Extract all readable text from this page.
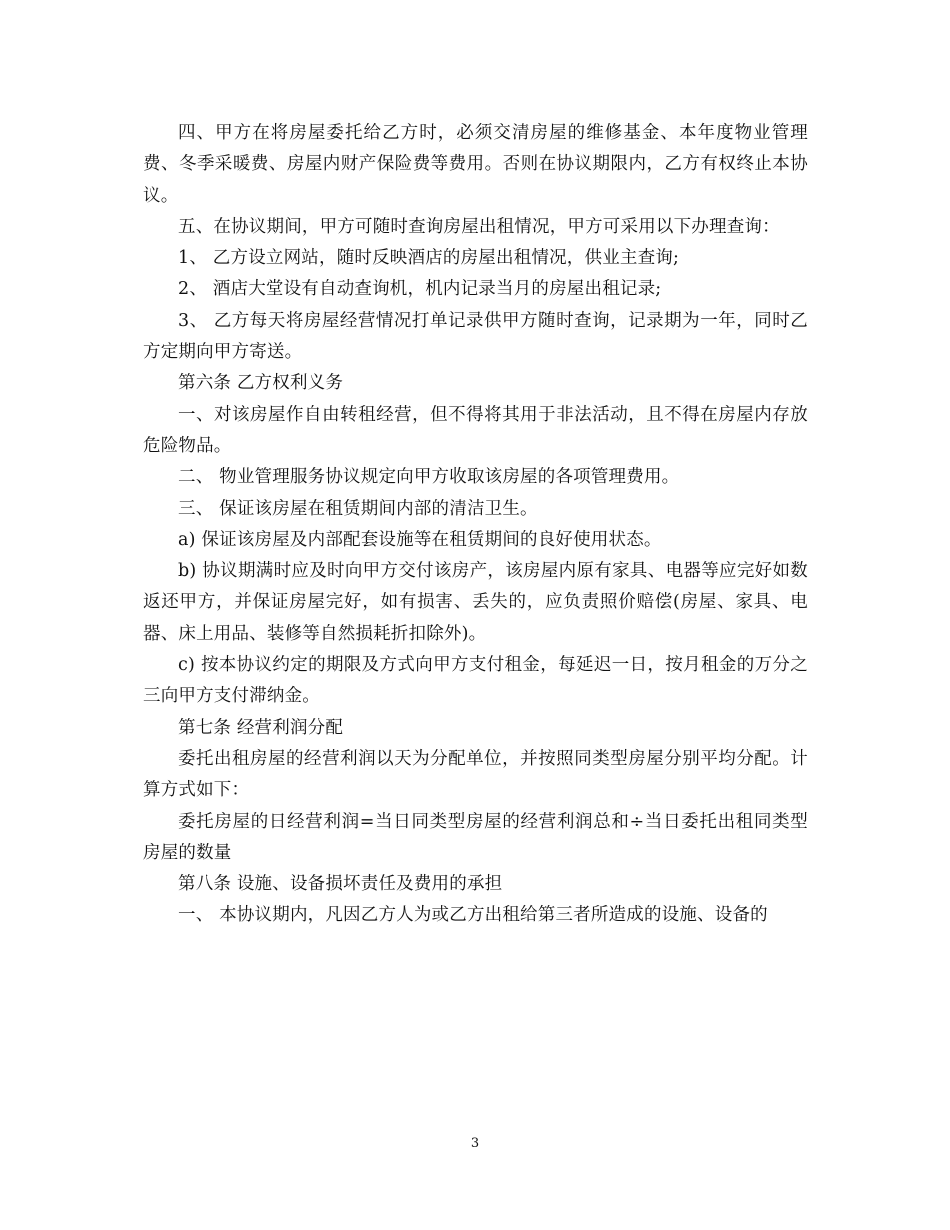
四、甲方在将房屋委托给乙方时，必须交清房屋的维修基金、本年度物业管理费、冬季采暖费、房屋内财产保险费等费用。否则在协议期限内，乙方有权终止本协议。

五、在协议期间，甲方可随时查询房屋出租情况，甲方可采用以下办理查询：

1、 乙方设立网站，随时反映酒店的房屋出租情况，供业主查询;

2、 酒店大堂设有自动查询机，机内记录当月的房屋出租记录;

3、 乙方每天将房屋经营情况打单记录供甲方随时查询，记录期为一年，同时乙方定期向甲方寄送。

第六条 乙方权利义务

一、对该房屋作自由转租经营，但不得将其用于非法活动，且不得在房屋内存放危险物品。

二、 物业管理服务协议规定向甲方收取该房屋的各项管理费用。

三、 保证该房屋在租赁期间内部的清洁卫生。

a) 保证该房屋及内部配套设施等在租赁期间的良好使用状态。

b) 协议期满时应及时向甲方交付该房产，该房屋内原有家具、电器等应完好如数返还甲方，并保证房屋完好，如有损害、丢失的，应负责照价赔偿(房屋、家具、电器、床上用品、装修等自然损耗折扣除外)。

c) 按本协议约定的期限及方式向甲方支付租金，每延迟一日，按月租金的万分之三向甲方支付滞纳金。

第七条 经营利润分配

委托出租房屋的经营利润以天为分配单位，并按照同类型房屋分别平均分配。计算方式如下：

委托房屋的日经营利润=当日同类型房屋的经营利润总和÷当日委托出租同类型房屋的数量

第八条 设施、设备损坏责任及费用的承担

一、 本协议期内，凡因乙方人为或乙方出租给第三者所造成的设施、设备的

3
